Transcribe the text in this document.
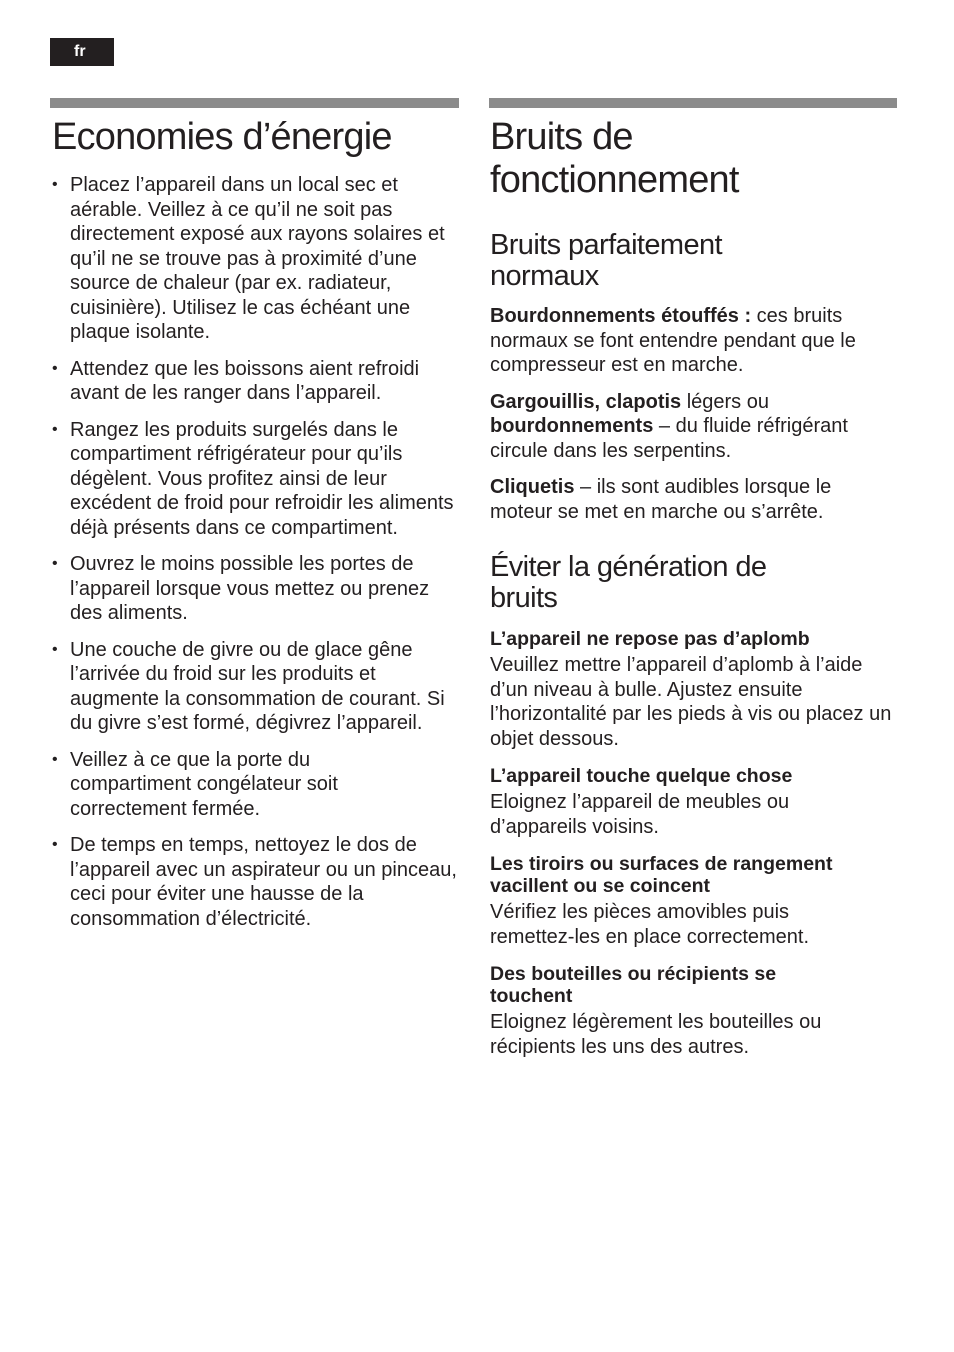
fr
Economies d’énergie
• Placez l’appareil dans un local sec et aérable. Veillez à ce qu’il ne soit pas directement exposé aux rayons solaires et qu’il ne se trouve pas à proximité d’une source de chaleur (par ex. radiateur, cuisinière). Utilisez le cas échéant une plaque isolante.
• Attendez que les boissons aient refroidi avant de les ranger dans l’appareil.
• Rangez les produits surgelés dans le compartiment réfrigérateur pour qu’ils dégèlent. Vous profitez ainsi de leur excédent de froid pour refroidir les aliments déjà présents dans ce compartiment.
• Ouvrez le moins possible les portes de l’appareil lorsque vous mettez ou prenez des aliments.
• Une couche de givre ou de glace gêne l’arrivée du froid sur les produits et augmente la consommation de courant. Si du givre s’est formé, dégivrez l’appareil.
• Veillez à ce que la porte du compartiment congélateur soit correctement fermée.
• De temps en temps, nettoyez le dos de l’appareil avec un aspirateur ou un pinceau, ceci pour éviter une hausse de la consommation d’électricité.
Bruits de fonctionnement
Bruits parfaitement normaux

Bourdonnements étouffés : ces bruits normaux se font entendre pendant que le compresseur est en marche.

Gargouillis, clapotis légers ou bourdonnements – du fluide réfrigérant circule dans les serpentins.

Cliquetis – ils sont audibles lorsque le moteur se met en marche ou s’arrête.

Éviter la génération de bruits
L’appareil ne repose pas d’aplomb

Veuillez mettre l’appareil d’aplomb à l’aide d’un niveau à bulle. Ajustez ensuite l’horizontalité par les pieds à vis ou placez un objet dessous.

L’appareil touche quelque chose

Eloignez l’appareil de meubles ou d’appareils voisins.

Les tiroirs ou surfaces de rangement vacillent ou se coincent

Vérifiez les pièces amovibles puis remettez-les en place correctement.

Des bouteilles ou récipients se touchent

Eloignez légèrement les bouteilles ou récipients les uns des autres.
